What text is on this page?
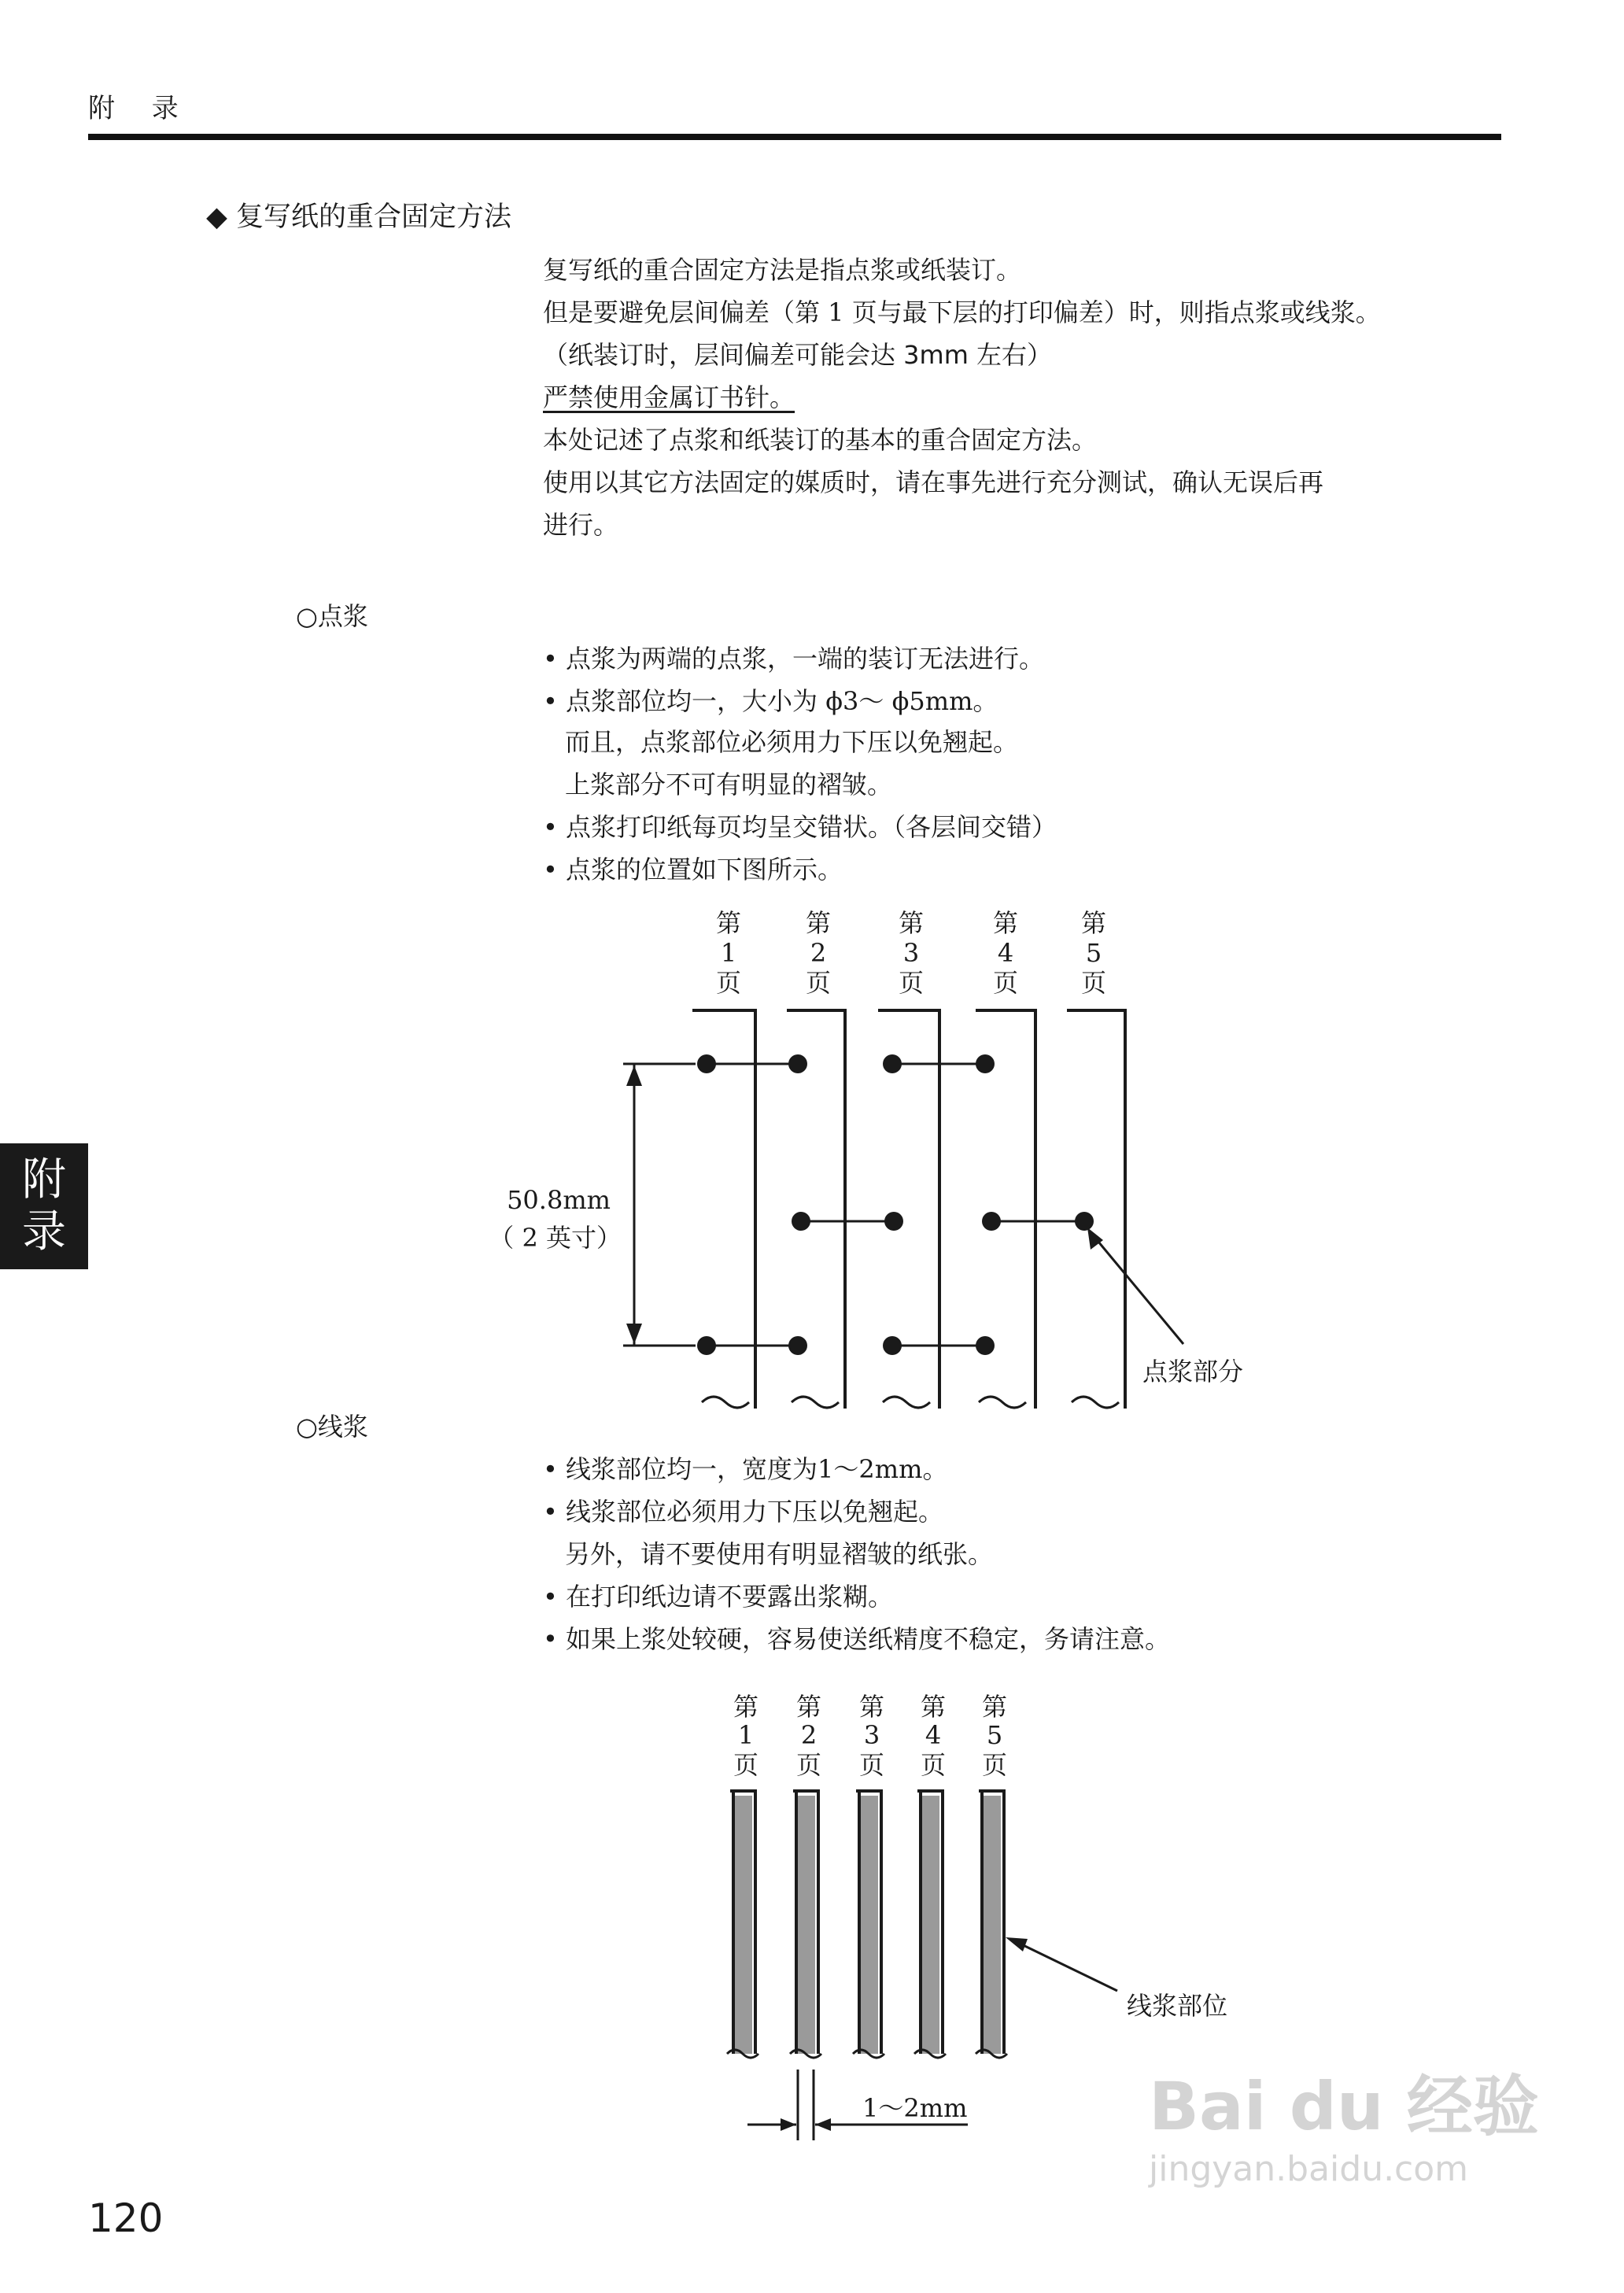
附 录
◆ 复写纸的重合固定方法
复写纸的重合固定方法是指点浆或纸装订。
但是要避免层间偏差（第 1 页与最下层的打印偏差）时，则指点浆或线浆。
（纸装订时，层间偏差可能会达 3mm 左右）
严禁使用金属订书针。
本处记述了点浆和纸装订的基本的重合固定方法。
使用以其它方法固定的媒质时，请在事先进行充分测试，确认无误后再
进行。
○点浆
• 点浆为两端的点浆，一端的装订无法进行。
• 点浆部位均一，大小为 ϕ3～ ϕ5mm。
而且，点浆部位必须用力下压以免翘起。
上浆部分不可有明显的褶皱。
• 点浆打印纸每页均呈交错状。（各层间交错）
• 点浆的位置如下图所示。
第
1
页
第
2
页
第
3
页
第
4
页
第
5
页
50.8mm
（ 2 英寸）
点浆部分
○线浆
• 线浆部位均一，宽度为1～2mm。
• 线浆部位必须用力下压以免翘起。
另外，请不要使用有明显褶皱的纸张。
• 在打印纸边请不要露出浆糊。
• 如果上浆处较硬，容易使送纸精度不稳定，务请注意。
第
1
页
第
2
页
第
3
页
第
4
页
第
5
页
线浆部位
1～2mm
附
录
120
Bai du 经验
jingyan.baidu.com
